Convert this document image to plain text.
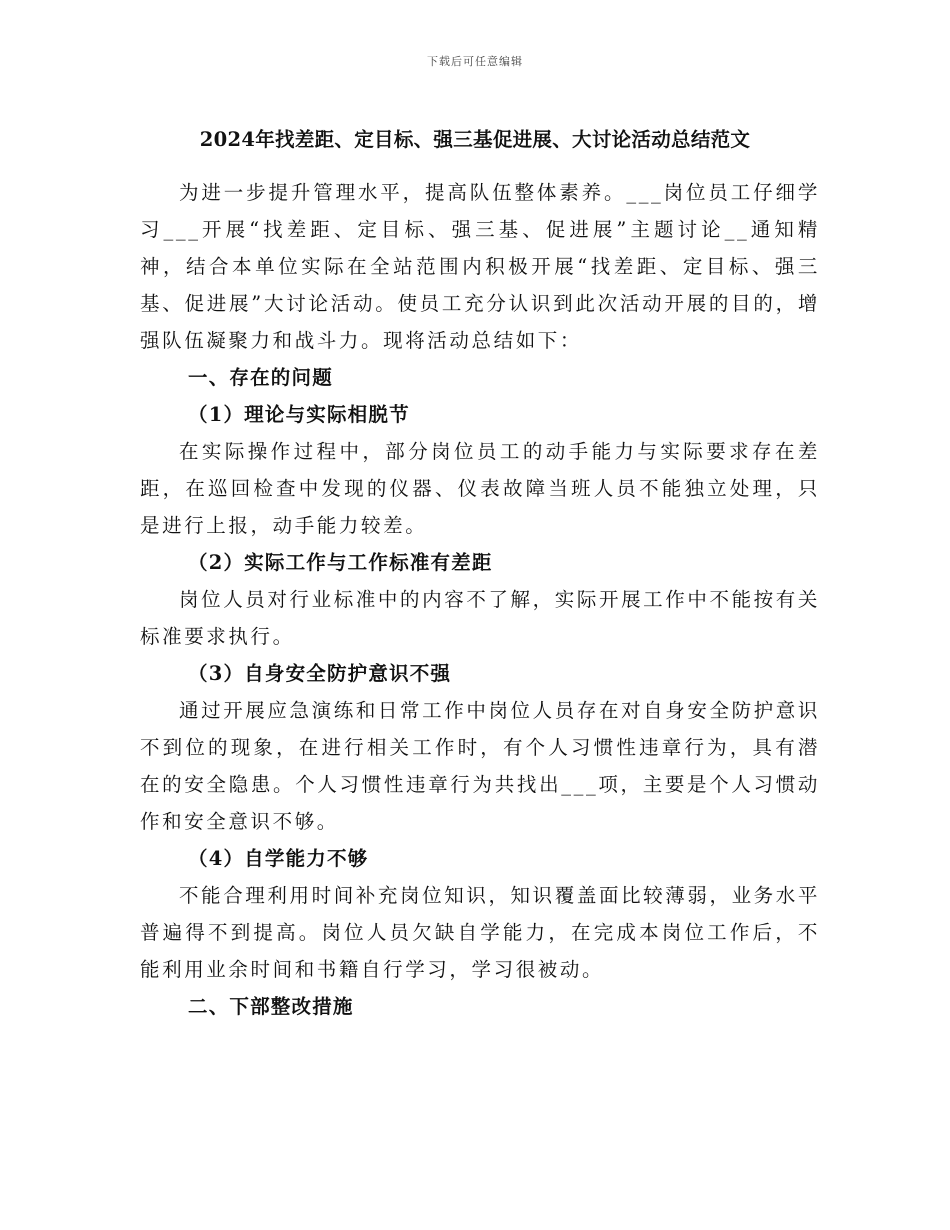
下载后可任意编辑
2024年找差距、定目标、强三基促进展、大讨论活动总结范文

为进一步提升管理水平，提高队伍整体素养。___岗位员工仔细学习___开展“找差距、定目标、强三基、促进展”主题讨论__通知精神，结合本单位实际在全站范围内积极开展“找差距、定目标、强三基、促进展”大讨论活动。使员工充分认识到此次活动开展的目的，增强队伍凝聚力和战斗力。现将活动总结如下：

一、存在的问题

（1）理论与实际相脱节

在实际操作过程中，部分岗位员工的动手能力与实际要求存在差距，在巡回检查中发现的仪器、仪表故障当班人员不能独立处理，只是进行上报，动手能力较差。

（2）实际工作与工作标准有差距

岗位人员对行业标准中的内容不了解，实际开展工作中不能按有关标准要求执行。

（3）自身安全防护意识不强

通过开展应急演练和日常工作中岗位人员存在对自身安全防护意识不到位的现象，在进行相关工作时，有个人习惯性违章行为，具有潜在的安全隐患。个人习惯性违章行为共找出___项，主要是个人习惯动作和安全意识不够。

（4）自学能力不够

不能合理利用时间补充岗位知识，知识覆盖面比较薄弱，业务水平普遍得不到提高。岗位人员欠缺自学能力，在完成本岗位工作后，不能利用业余时间和书籍自行学习，学习很被动。

二、下部整改措施
